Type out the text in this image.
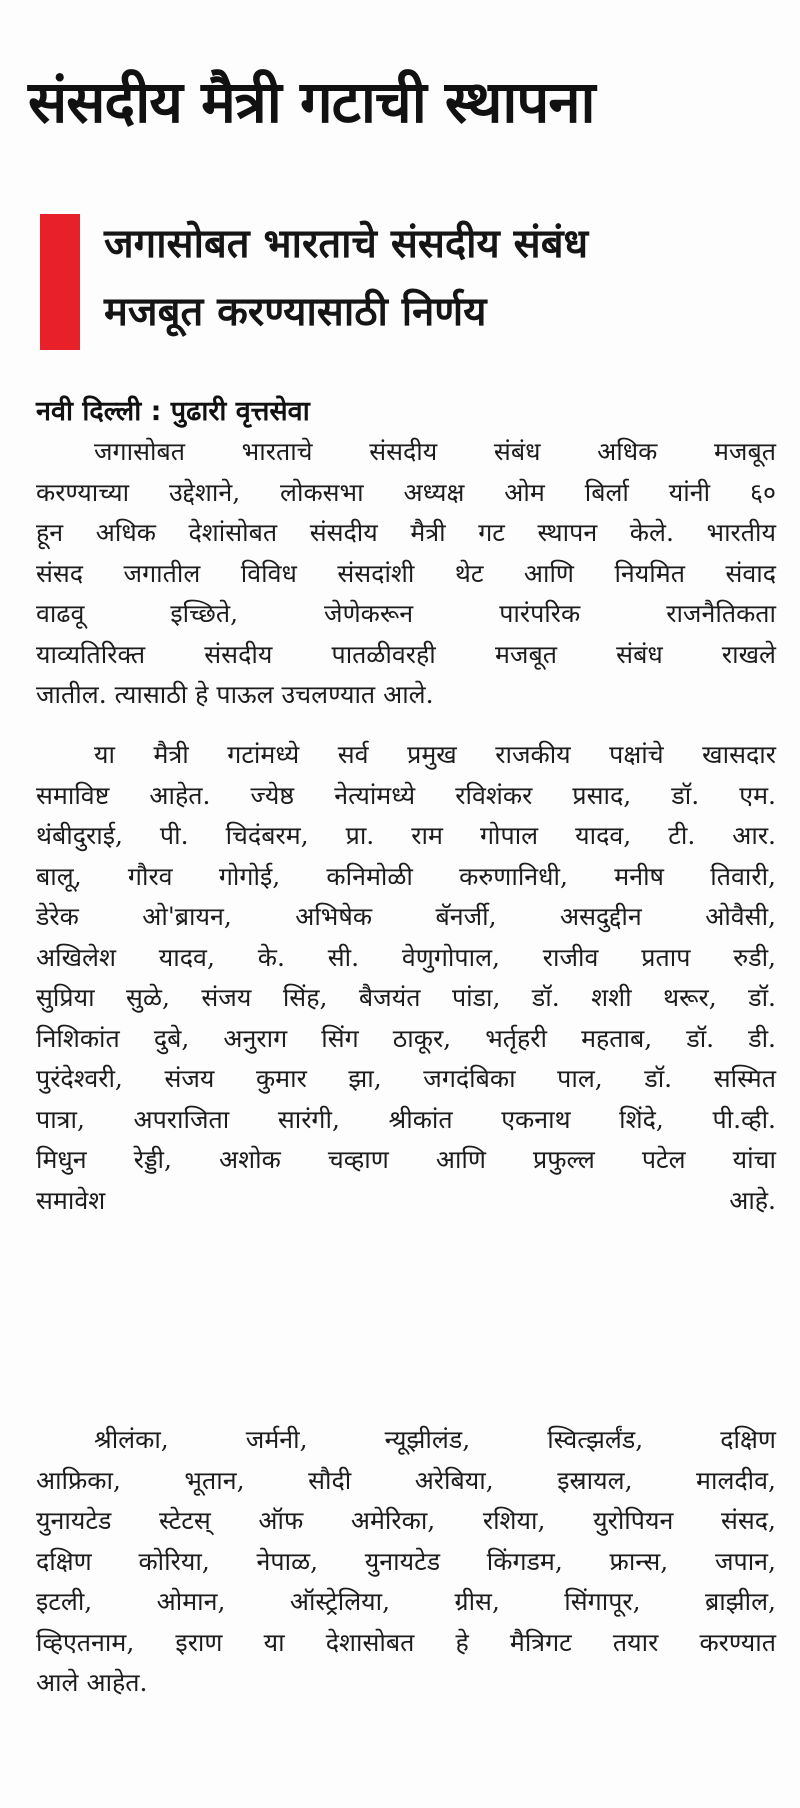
संसदीय मैत्री गटाची स्थापना
जगासोबत भारताचे संसदीय संबंध
मजबूत करण्यासाठी निर्णय
नवी दिल्ली : पुढारी वृत्तसेवा
जगासोबत भारताचे संसदीय संबंध अधिक मजबूत
करण्याच्या उद्देशाने, लोकसभा अध्यक्ष ओम बिर्ला यांनी ६०
हून अधिक देशांसोबत संसदीय मैत्री गट स्थापन केले. भारतीय
संसद जगातील विविध संसदांशी थेट आणि नियमित संवाद
वाढवू इच्छिते, जेणेकरून पारंपरिक राजनैतिकता
याव्यतिरिक्त संसदीय पातळीवरही मजबूत संबंध राखले
जातील. त्यासाठी हे पाऊल उचलण्यात आले.
या मैत्री गटांमध्ये सर्व प्रमुख राजकीय पक्षांचे खासदार
समाविष्ट आहेत. ज्येष्ठ नेत्यांमध्ये रविशंकर प्रसाद, डॉ. एम.
थंबीदुराई, पी. चिदंबरम, प्रा. राम गोपाल यादव, टी. आर.
बालू, गौरव गोगोई, कनिमोळी करुणानिधी, मनीष तिवारी,
डेरेक ओ'ब्रायन, अभिषेक बॅनर्जी, असदुद्दीन ओवैसी,
अखिलेश यादव, के. सी. वेणुगोपाल, राजीव प्रताप रुडी,
सुप्रिया सुळे, संजय सिंह, बैजयंत पांडा, डॉ. शशी थरूर, डॉ.
निशिकांत दुबे, अनुराग सिंग ठाकूर, भर्तृहरी महताब, डॉ. डी.
पुरंदेश्वरी, संजय कुमार झा, जगदंबिका पाल, डॉ. सस्मित
पात्रा, अपराजिता सारंगी, श्रीकांत एकनाथ शिंदे, पी.व्ही.
मिधुन रेड्डी, अशोक चव्हाण आणि प्रफुल्ल पटेल यांचा
समावेश आहे.
श्रीलंका, जर्मनी, न्यूझीलंड, स्वित्झर्लंड, दक्षिण
आफ्रिका, भूतान, सौदी अरेबिया, इस्रायल, मालदीव,
युनायटेड स्टेटस् ऑफ अमेरिका, रशिया, युरोपियन संसद,
दक्षिण कोरिया, नेपाळ, युनायटेड किंगडम, फ्रान्स, जपान,
इटली, ओमान, ऑस्ट्रेलिया, ग्रीस, सिंगापूर, ब्राझील,
व्हिएतनाम, इराण या देशासोबत हे मैत्रिगट तयार करण्यात
आले आहेत.
